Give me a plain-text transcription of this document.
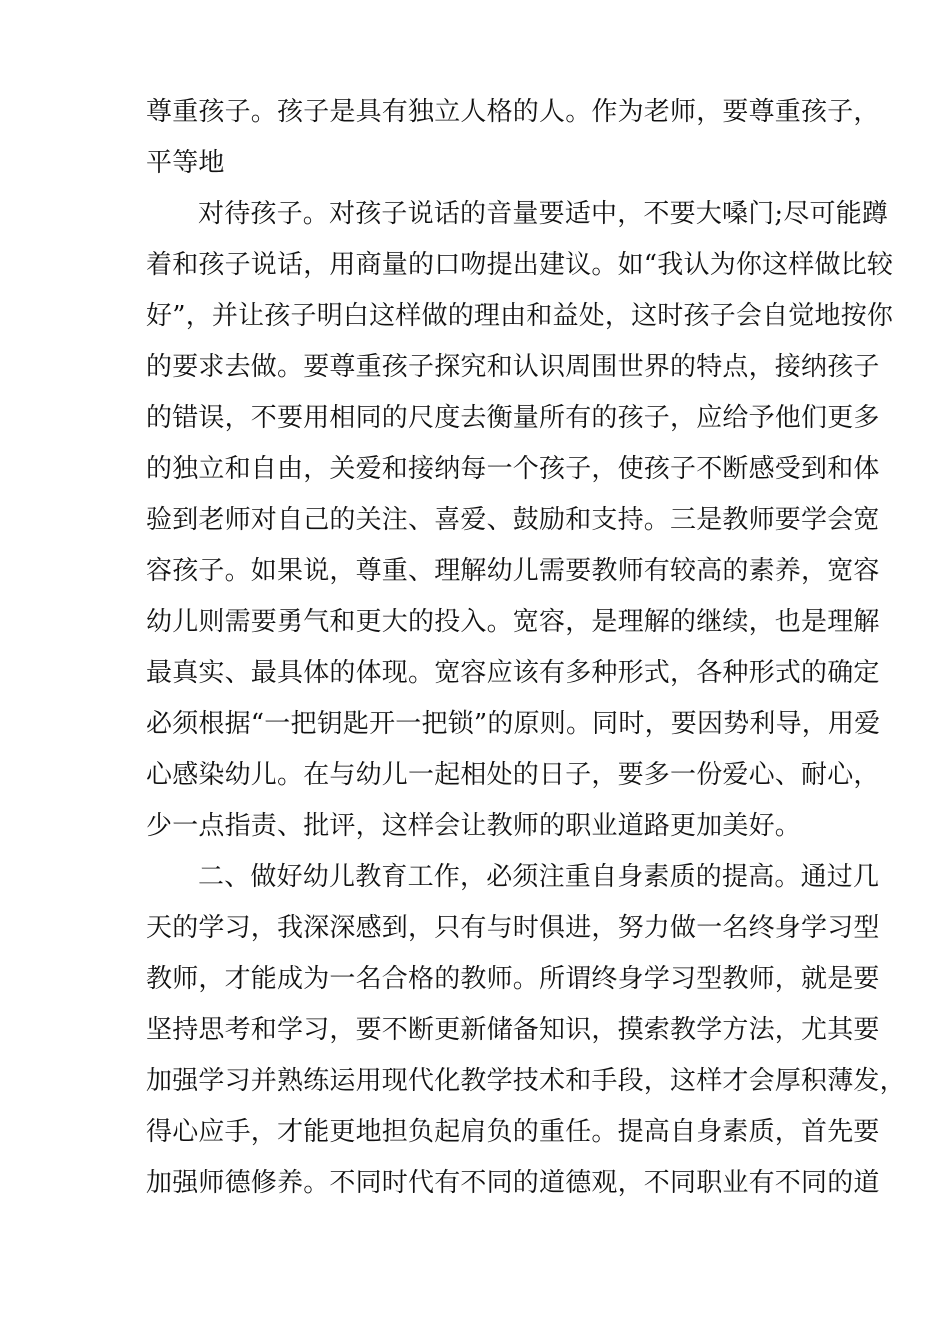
尊重孩子。孩子是具有独立人格的人。作为老师，要尊重孩子，
平等地
对待孩子。对孩子说话的音量要适中，不要大嗓门;尽可能蹲
着和孩子说话，用商量的口吻提出建议。如“我认为你这样做比较
好”，并让孩子明白这样做的理由和益处，这时孩子会自觉地按你
的要求去做。要尊重孩子探究和认识周围世界的特点，接纳孩子
的错误，不要用相同的尺度去衡量所有的孩子，应给予他们更多
的独立和自由，关爱和接纳每一个孩子，使孩子不断感受到和体
验到老师对自己的关注、喜爱、鼓励和支持。三是教师要学会宽
容孩子。如果说，尊重、理解幼儿需要教师有较高的素养，宽容
幼儿则需要勇气和更大的投入。宽容，是理解的继续，也是理解
最真实、最具体的体现。宽容应该有多种形式，各种形式的确定
必须根据“一把钥匙开一把锁”的原则。同时，要因势利导，用爱
心感染幼儿。在与幼儿一起相处的日子，要多一份爱心、耐心，
少一点指责、批评，这样会让教师的职业道路更加美好。
二、做好幼儿教育工作，必须注重自身素质的提高。通过几
天的学习，我深深感到，只有与时俱进，努力做一名终身学习型
教师，才能成为一名合格的教师。所谓终身学习型教师，就是要
坚持思考和学习，要不断更新储备知识，摸索教学方法，尤其要
加强学习并熟练运用现代化教学技术和手段，这样才会厚积薄发，
得心应手，才能更地担负起肩负的重任。提高自身素质，首先要
加强师德修养。不同时代有不同的道德观，不同职业有不同的道
